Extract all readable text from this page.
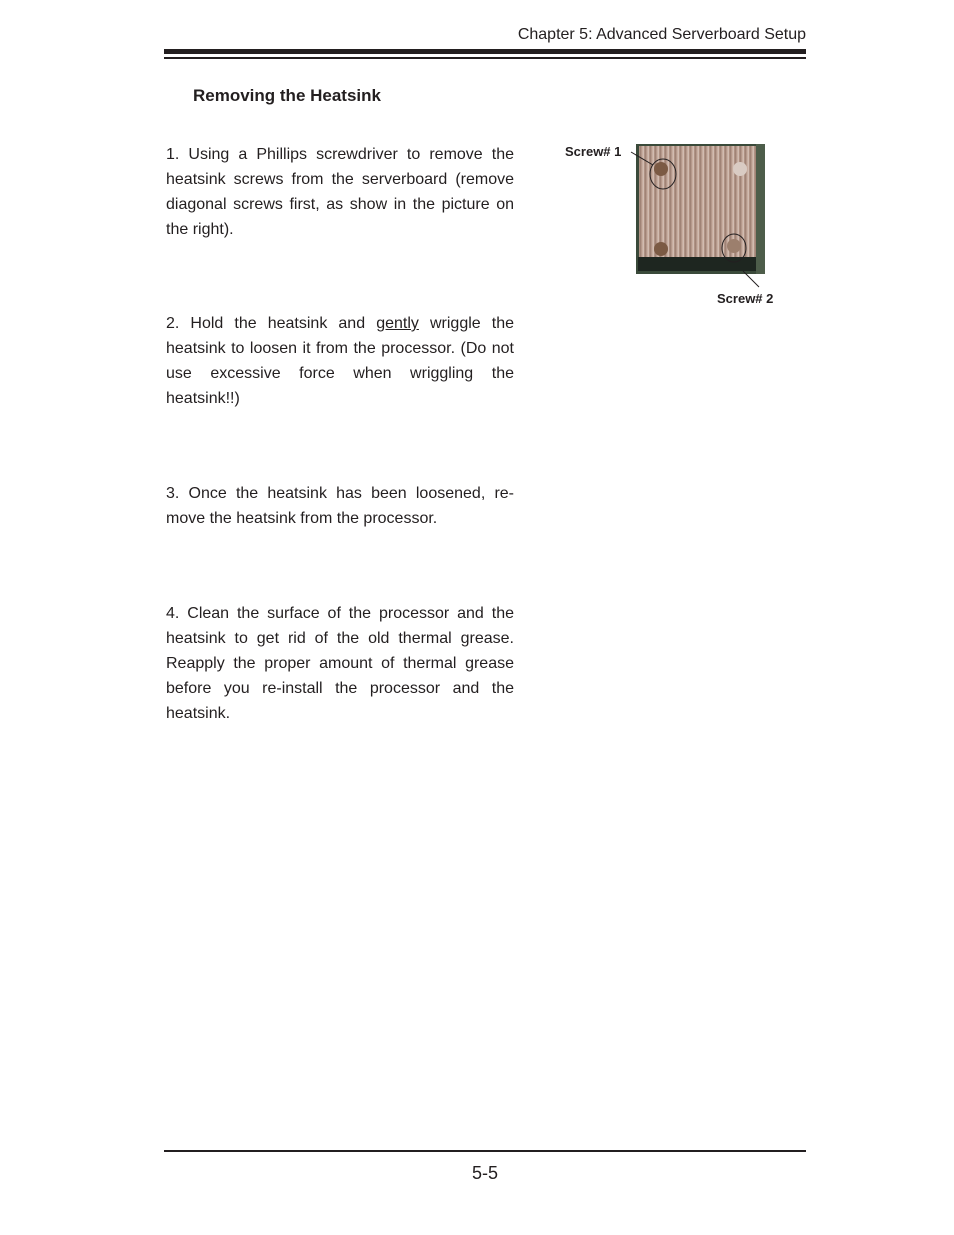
Chapter 5: Advanced Serverboard Setup
Removing the Heatsink

1. Using a Phillips screwdriver to remove the heatsink screws from the serverboard (remove diagonal screws first, as show in the picture on the right).

2. Hold the heatsink and gently wriggle the heatsink to loosen it from the processor. (Do not use excessive force when wriggling the heatsink!!)

3. Once the heatsink has been loosened, re-move the heatsink from the processor.

4. Clean the surface of the processor and the heatsink to get rid of the old thermal grease. Reapply the proper amount of thermal grease before you re-install the processor and the heatsink.

Screw# 1
Screw# 2
5-5
